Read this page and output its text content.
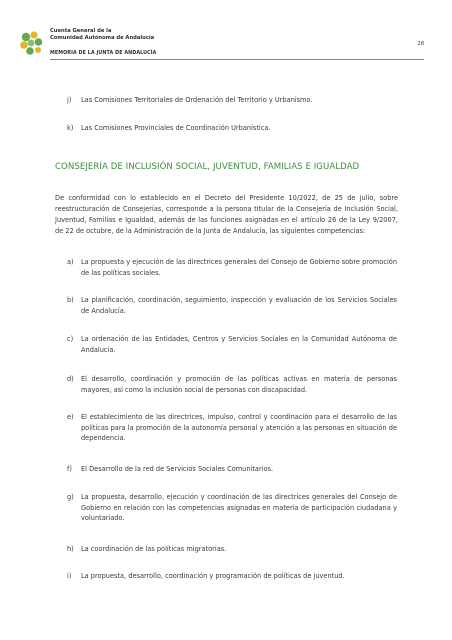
Cuenta General de la
Comunidad Autónoma de Andalucía
MEMORIA DE LA JUNTA DE ANDALUCÍA
28
j) Las Comisiones Territoriales de Ordenación del Territorio y Urbanismo.
k) Las Comisiones Provinciales de Coordinación Urbanística.
CONSEJERÍA DE INCLUSIÓN SOCIAL, JUVENTUD, FAMILIAS E IGUALDAD
De conformidad con lo establecido en el Decreto del Presidente 10/2022, de 25 de julio, sobre reestructuración de Consejerías, corresponde a la persona titular de la Consejería de Inclusión Social, Juventud, Familias e Igualdad, además de las funciones asignadas en el artículo 26 de la Ley 9/2007, de 22 de octubre, de la Administración de la Junta de Andalucía, las siguientes competencias:
a) La propuesta y ejecución de las directrices generales del Consejo de Gobierno sobre promoción de las políticas sociales.
b) La planificación, coordinación, seguimiento, inspección y evaluación de los Servicios Sociales de Andalucía.
c) La ordenación de las Entidades, Centros y Servicios Sociales en la Comunidad Autónoma de Andalucía.
d) El desarrollo, coordinación y promoción de las políticas activas en materia de personas mayores, así como la inclusión social de personas con discapacidad.
e) El establecimiento de las directrices, impulso, control y coordinación para el desarrollo de las políticas para la promoción de la autonomía personal y atención a las personas en situación de dependencia.
f) El Desarrollo de la red de Servicios Sociales Comunitarios.
g) La propuesta, desarrollo, ejecución y coordinación de las directrices generales del Consejo de Gobierno en relación con las competencias asignadas en materia de participación ciudadana y voluntariado.
h) La coordinación de las políticas migratorias.
i) La propuesta, desarrollo, coordinación y programación de políticas de juventud.
